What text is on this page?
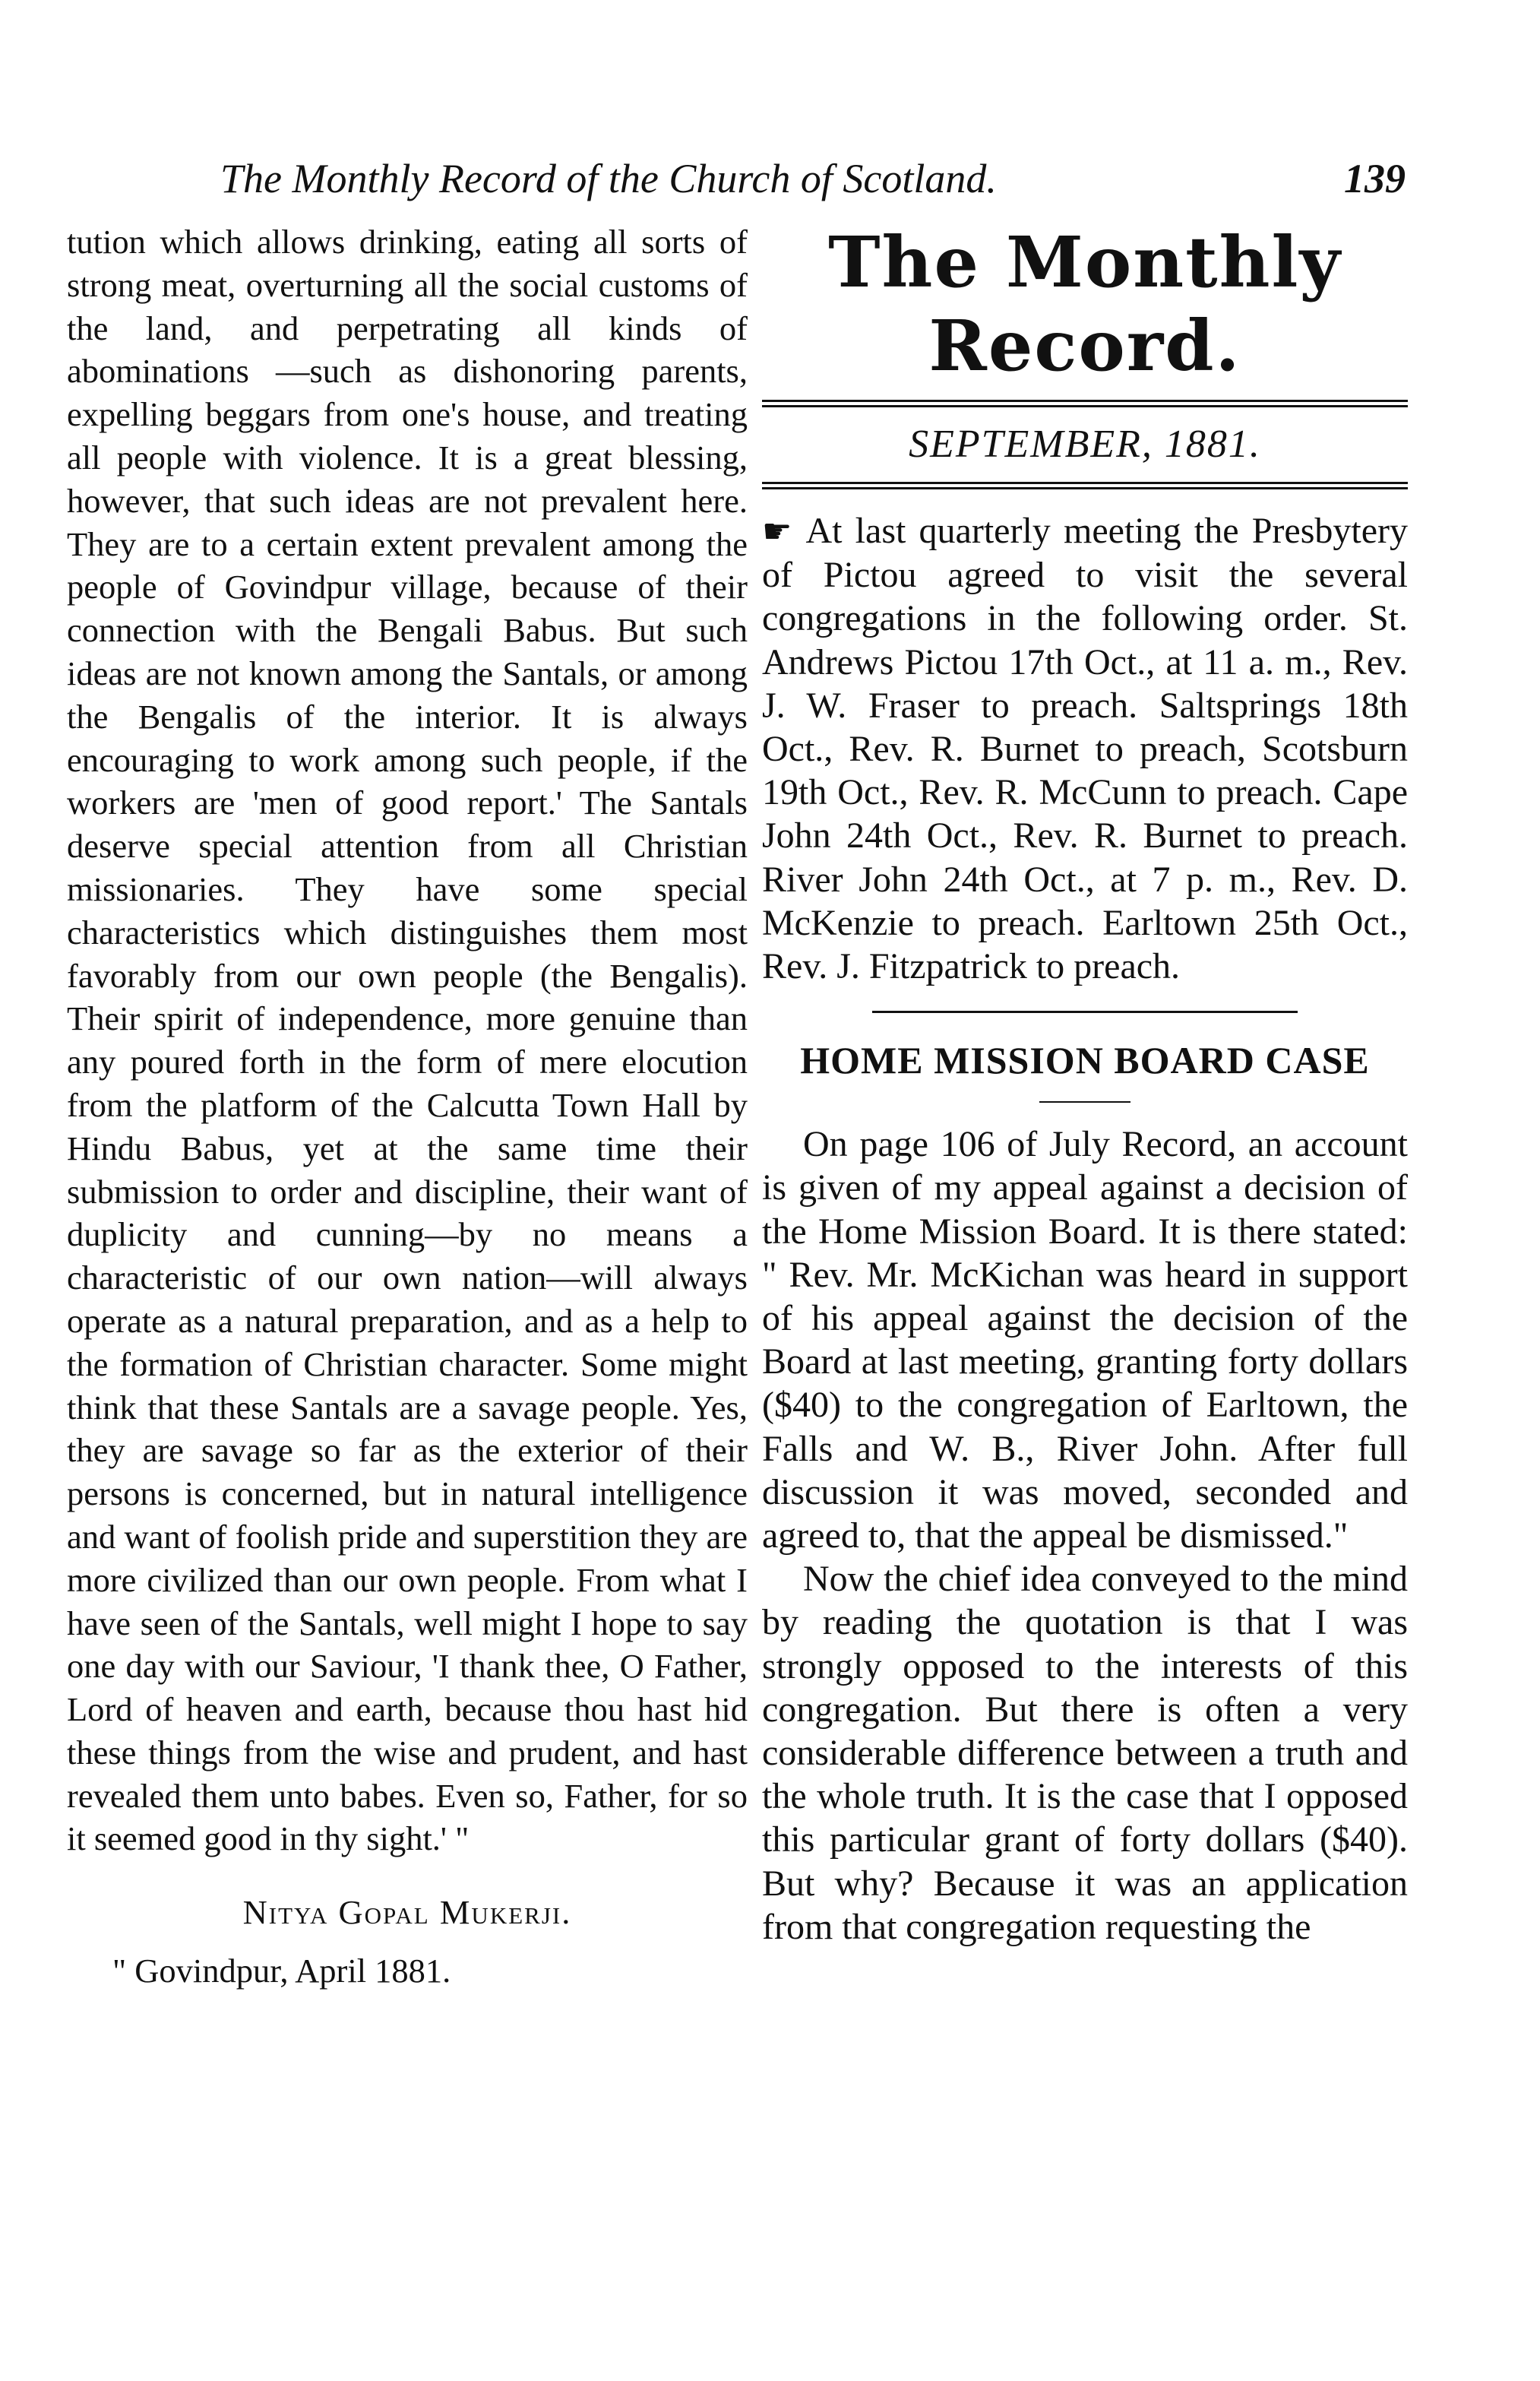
The Monthly Record of the Church of Scotland.	139

tution which allows drinking, eating all sorts of strong meat, overturning all the social customs of the land, and perpetrating all kinds of abominations —such as dishonoring parents, expelling beggars from one's house, and treating all people with violence. It is a great blessing, however, that such ideas are not prevalent here. They are to a certain extent prevalent among the people of Govindpur village, because of their connection with the Bengali Babus. But such ideas are not known among the Santals, or among the Bengalis of the interior. It is always encouraging to work among such people, if the workers are 'men of good report.' The Santals deserve special attention from all Christian missionaries. They have some special characteristics which distinguishes them most favorably from our own people (the Bengalis). Their spirit of independence, more genuine than any poured forth in the form of mere elocution from the platform of the Calcutta Town Hall by Hindu Babus, yet at the same time their submission to order and discipline, their want of duplicity and cunning—by no means a characteristic of our own nation—will always operate as a natural preparation, and as a help to the formation of Christian character. Some might think that these Santals are a savage people. Yes, they are savage so far as the exterior of their persons is concerned, but in natural intelligence and want of foolish pride and superstition they are more civilized than our own people. From what I have seen of the Santals, well might I hope to say one day with our Saviour, 'I thank thee, O Father, Lord of heaven and earth, because thou hast hid these things from the wise and prudent, and hast revealed them unto babes. Even so, Father, for so it seemed good in thy sight.' "

Nitya Gopal Mukerji.

" Govindpur, April 1881.

The Monthly Record.
SEPTEMBER, 1881.

☛ At last quarterly meeting the Presbytery of Pictou agreed to visit the several congregations in the following order. St. Andrews Pictou 17th Oct., at 11 a. m., Rev. J. W. Fraser to preach. Saltsprings 18th Oct., Rev. R. Burnet to preach, Scotsburn 19th Oct., Rev. R. McCunn to preach. Cape John 24th Oct., Rev. R. Burnet to preach. River John 24th Oct., at 7 p. m., Rev. D. McKenzie to preach. Earltown 25th Oct., Rev. J. Fitzpatrick to preach.

HOME MISSION BOARD CASE

On page 106 of July Record, an account is given of my appeal against a decision of the Home Mission Board. It is there stated: " Rev. Mr. McKichan was heard in support of his appeal against the decision of the Board at last meeting, granting forty dollars ($40) to the congregation of Earltown, the Falls and W. B., River John. After full discussion it was moved, seconded and agreed to, that the appeal be dismissed."

Now the chief idea conveyed to the mind by reading the quotation is that I was strongly opposed to the interests of this congregation. But there is often a very considerable difference between a truth and the whole truth. It is the case that I opposed this particular grant of forty dollars ($40). But why? Because it was an application from that congregation requesting the
